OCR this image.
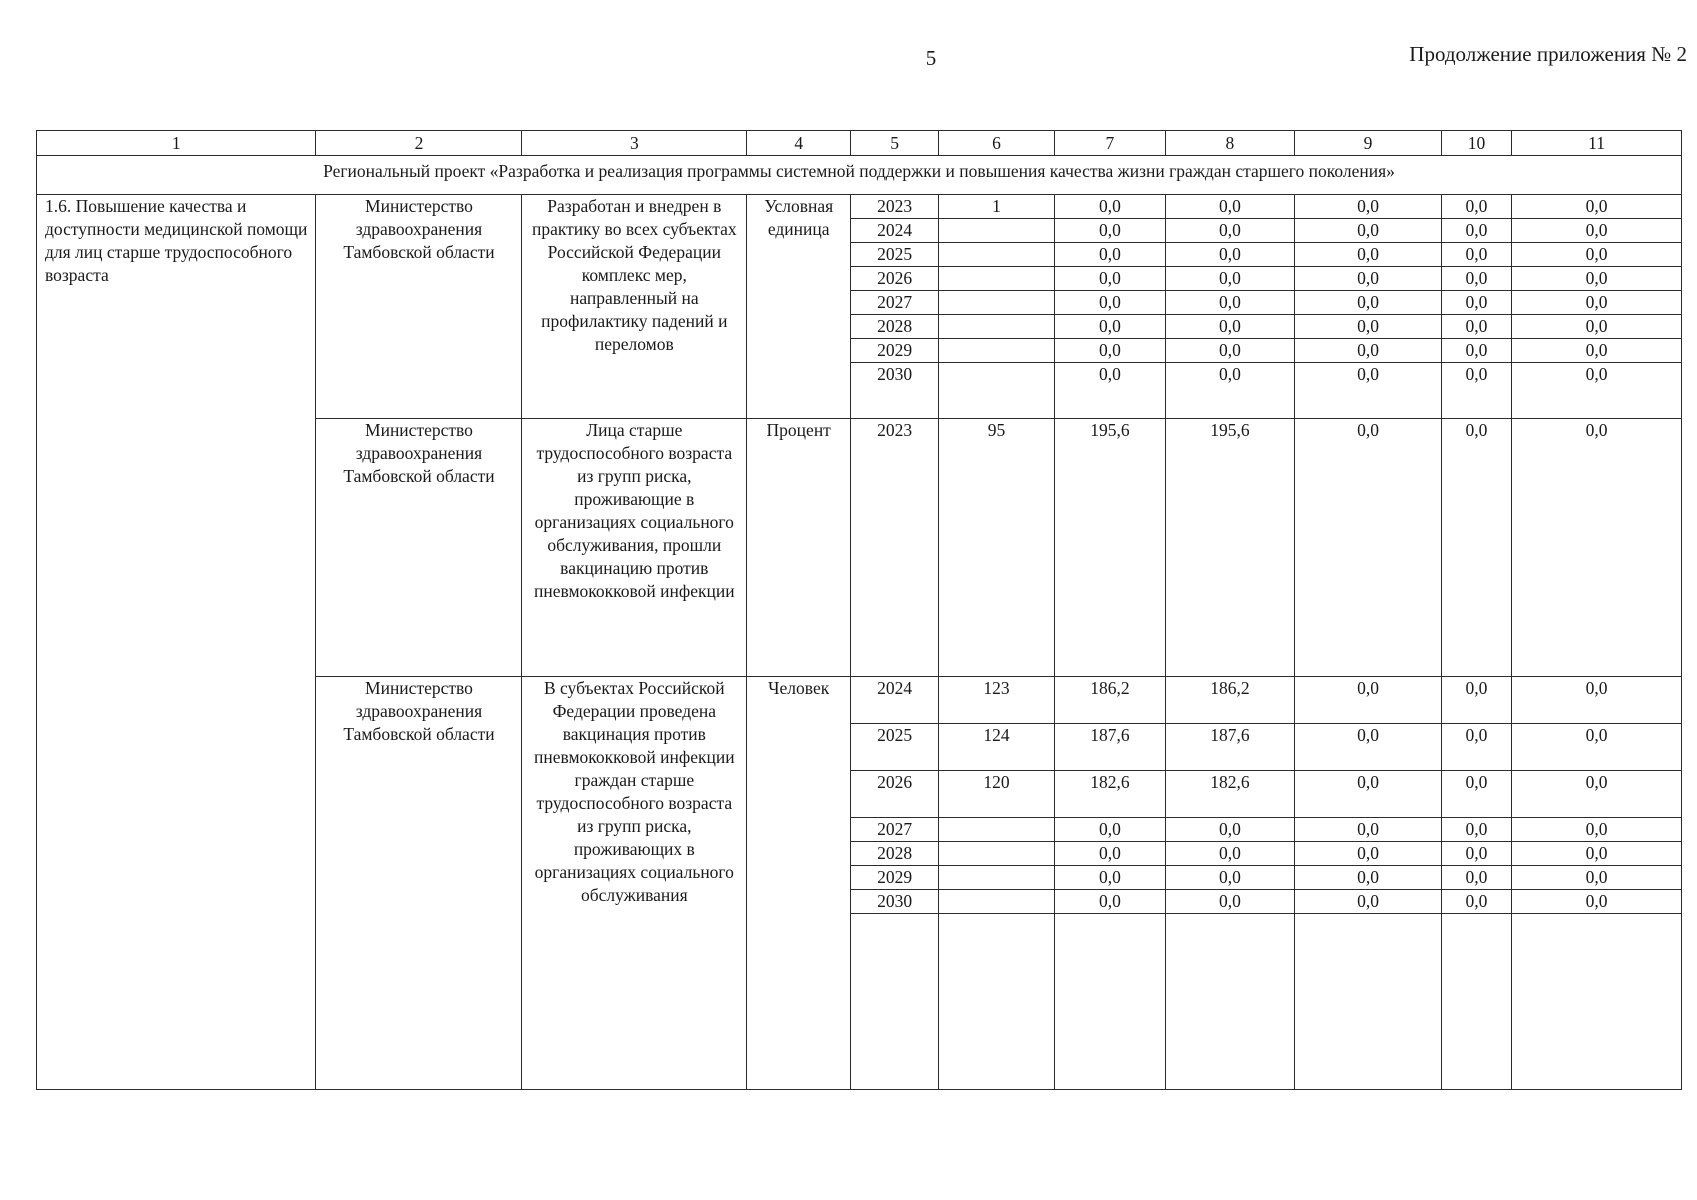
5	Продолжение приложения № 2
1	2	3	4	5	6	7	8	9	10	11
Региональный проект «Разработка и реализация программы системной поддержки и повышения качества жизни граждан старшего поколения»										
1.6. Повышение качества и доступности медицинской помощи для лиц старше трудоспособного возраста	Министерство здравоохранения Тамбовской области	Разработан и внедрен в практику во всех субъектах Российской Федерации комплекс мер, направленный на профилактику падений и переломов	Условная единица	2023	1	0,0	0,0	0,0	0,0	0,0
				2024		0,0	0,0	0,0	0,0	0,0
				2025		0,0	0,0	0,0	0,0	0,0
				2026		0,0	0,0	0,0	0,0	0,0
				2027		0,0	0,0	0,0	0,0	0,0
				2028		0,0	0,0	0,0	0,0	0,0
				2029		0,0	0,0	0,0	0,0	0,0
				2030		0,0	0,0	0,0	0,0	0,0
	Министерство здравоохранения Тамбовской области	Лица старше трудоспособного возраста из групп риска, проживающие в организациях социального обслуживания, прошли вакцинацию против пневмококковой инфекции	Процент	2023	95	195,6	195,6	0,0	0,0	0,0
	Министерство здравоохранения Тамбовской области	В субъектах Российской Федерации проведена вакцинация против пневмококковой инфекции граждан старше трудоспособного возраста из групп риска, проживающих в организациях социального обслуживания	Человек	2024	123	186,2	186,2	0,0	0,0	0,0
				2025	124	187,6	187,6	0,0	0,0	0,0
				2026	120	182,6	182,6	0,0	0,0	0,0
				2027		0,0	0,0	0,0	0,0	0,0
				2028		0,0	0,0	0,0	0,0	0,0
				2029		0,0	0,0	0,0	0,0	0,0
				2030		0,0	0,0	0,0	0,0	0,0
